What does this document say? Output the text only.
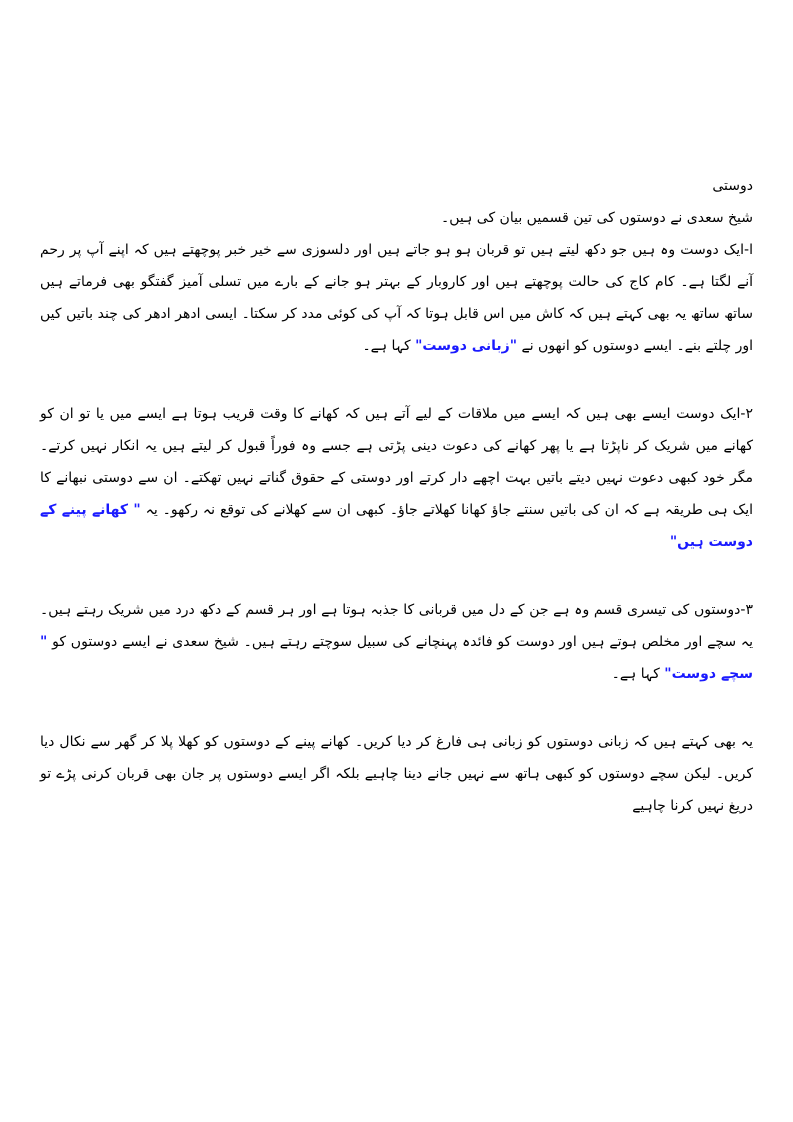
دوستی

شیخ سعدی نے دوستوں کی تین قسمیں بیان کی ہیں۔

ا-ایک دوست وہ ہیں جو دکھ لیتے ہیں تو قربان ہو ہو جاتے ہیں اور دلسوزی سے خیر خبر پوچھتے ہیں کہ اپنے آپ پر رحم آنے لگتا ہے۔ کام کاج کی حالت پوچھتے ہیں اور کاروبار کے بہتر ہو جانے کے بارے میں تسلی آمیز گفتگو بھی فرماتے ہیں ساتھ ساتھ یہ بھی کہتے ہیں کہ کاش میں اس قابل ہوتا کہ آپ کی کوئی مدد کر سکتا۔ ایسی ادھر ادھر کی چند باتیں کیں اور چلتے بنے۔ ایسے دوستوں کو انھوں نے "زبانی دوست" کہا ہے۔

۲-ایک دوست ایسے بھی ہیں کہ ایسے میں ملاقات کے لیے آتے ہیں کہ کھانے کا وقت قریب ہوتا ہے ایسے میں یا تو ان کو کھانے میں شریک کر ناپڑتا ہے یا پھر کھانے کی دعوت دینی پڑتی ہے جسے وہ فوراً قبول کر لیتے ہیں یہ انکار نہیں کرتے۔ مگر خود کبھی دعوت نہیں دیتے باتیں بہت اچھے دار کرتے اور دوستی کے حقوق گناتے نہیں تھکتے۔ ان سے دوستی نبھانے کا ایک ہی طریقہ ہے کہ ان کی باتیں سنتے جاؤ کھانا کھلاتے جاؤ۔ کبھی ان سے کھلانے کی توقع نہ رکھو۔ یہ " کھانے پینے کے دوست ہیں"

۳-دوستوں کی تیسری قسم وہ ہے جن کے دل میں قربانی کا جذبہ ہوتا ہے اور ہر قسم کے دکھ درد میں شریک رہتے ہیں۔ یہ سچے اور مخلص ہوتے ہیں اور دوست کو فائدہ پہنچانے کی سبیل سوچتے رہتے ہیں۔ شیخ سعدی نے ایسے دوستوں کو " سچے دوست" کہا ہے۔

یہ بھی کہتے ہیں کہ زبانی دوستوں کو زبانی ہی فارغ کر دیا کریں۔ کھانے پینے کے دوستوں کو کھلا پلا کر گھر سے نکال دیا کریں۔ لیکن سچے دوستوں کو کبھی ہاتھ سے نہیں جانے دینا چاہیے بلکہ اگر ایسے دوستوں پر جان بھی قربان کرنی پڑے تو دریغ نہیں کرنا چاہیے
